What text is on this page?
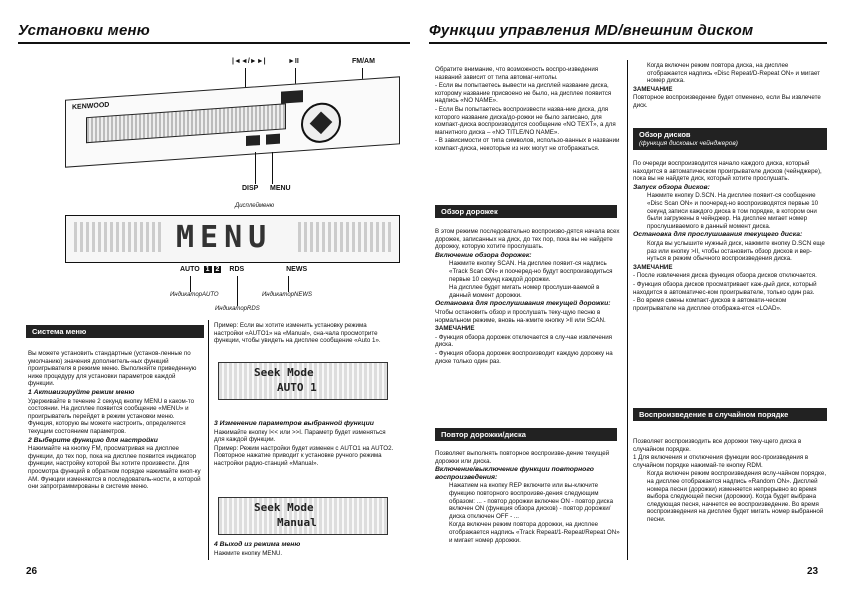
Установки меню
|◄◄/►►|	►II	FM/AM
KENWOOD
DISP MENU
Дисплейменю
MENU
AUTO 1 2 RDS	NEWS
ИндикаторAUTO	ИндикаторNEWS
ИндикаторRDS
Система меню

Вы можете установить стандартные (установ-ленные по умолчанию) значения дополнитель-ных функций проигрывателя в режиме меню. Выполняйте приведенную ниже процедуру для установки параметров каждой функции.

1 Активизируйте режим меню

Удерживайте в течение 2 секунд кнопку MENU в каком-то состоянии. На дисплее появится сообщение «MENU» и проигрыватель перейдет в режим установки меню. Функция, которую вы можете настроить, определяется текущим состоянием параметров.

2 Выберите функцию для настройки

Нажимайте на кнопку FM, просматривая на дисплее функции, до тех пор, пока на дисплее появится индикатор функции, настройку которой Вы хотите произвести. Для просмотра функций в обратном порядке нажимайте кноп-ку AM. Функции изменяются в последователь-ности, в которой они запрограммированы в системе меню.

Пример: Если вы хотите изменить установку режима настройки «AUTO1» на «Manual», сна-чала просмотрите функции, чтобы увидеть на дисплее сообщение «Auto 1».

Seek Mode
AUTO 1

3 Изменение параметров выбранной функции

Нажимайте кнопку I<< или >>I. Параметр будет изменяться для каждой функции.

Пример: Режим настройки будет изменен с AUTO1 на AUTO2. Повторное нажатие приводит к установке ручного режима настройки радио-станций «Manual».

Seek Mode
Manual

4 Выход из режима меню

Нажмите кнопку MENU.

26
Функции управления MD/внешним диском

Обратите внимание, что возможность воспро-изведения названий зависит от типа автомаг-нитолы.

- Если вы попытаетесь вывести на дисплей название диска, которому название присвоено не было, на дисплее появится надпись «NO NAME».

- Если Вы попытаетесь воспроизвести назва-ние диска, для которого название диска/до-рожки не было записано, для компакт-диска воспроизводится сообщение «NO TEXT», а для магнитного диска – «NO TITLE/NO NAME».

- В зависимости от типа символов, использо-ванных в названии компакт-диска, некоторые из них могут не отображаться.

Обзор дорожек

В этом режиме последовательно воспроизво-дятся начала всех дорожек, записанных на диск, до тех пор, пока вы не найдете дорожку, которую хотите прослушать.

Включение обзора дорожек:

Нажмите кнопку SCAN. На дисплее появит-ся надпись «Track Scan ON» и поочеред-но будут воспроизводиться первые 10 секунд каждой дорожки.

На дисплее будет мигать номер прослуши-ваемой в данный момент дорожки.

Остановка для прослушивания текущей дорожки:

Чтобы остановить обзор и прослушать теку-щую песню в нормальном режиме, вновь на-жмите кнопку >II или SCAN.

ЗАМЕЧАНИЕ

- Функция обзора дорожек отключается в слу-чае извлечения диска.

- Функция обзора дорожек воспроизводит каждую дорожку на диске только один раз.

Повтор дорожки/диска

Позволяет выполнять повторное воспроизве-дение текущей дорожки или диска.

Включение/выключение функции повторного воспроизведения:

Нажатием на кнопку REP включите или вы-ключите функцию повторного воспроизве-дения следующим образом: ... - повтор дорожки включен ON - повтор диска включен ON (функция обзора дисков) - повтор дорожки/диска отключен OFF - ...

Когда включен режим повтора дорожки, на дисплее отображается надпись «Track Repeat/1-Repeat/Repeat ON» и мигает номер дорожки.

Когда включен режим повтора диска, на дисплее отображается надпись «Disc Repeat/D-Repeat ON» и мигает номер диска.

ЗАМЕЧАНИЕ

Повторное воспроизведение будет отменено, если Вы извлечете диск.

Обзор дисков
(функция дисковых чейнджеров)

По очереди воспроизводится начало каждого диска, который находится в автоматическом проигрывателе дисков (чейнджере), пока вы не найдете диск, который хотите прослушать.

Запуск обзора дисков:

Нажмите кнопку D.SCN. На дисплее появит-ся сообщение «Disc Scan ON» и поочеред-но воспроизводятся первые 10 секунд записи каждого диска в том порядке, в котором они были загружены в чейнджер. На дисплее мигает номер прослушиваемого в данный момент диска.

Остановка для прослушивания текущего диска:

Когда вы услышите нужный диск, нажмите кнопку D.SCN еще раз или кнопку >II, чтобы остановить обзор дисков и вер-нуться в режим обычного воспроизведения диска.

ЗАМЕЧАНИЕ

- После извлечения диска функция обзора дисков отключается.

- Функция обзора дисков просматривает каж-дый диск, который находится в автоматичес-ком проигрывателе, только один раз.

- Во время смены компакт-дисков в автомати-ческом проигрывателе на дисплее отобража-ется «LOAD».

Воспроизведение в случайном порядке

Позволяет воспроизводить все дорожки теку-щего диска в случайном порядке.

1 Для включения и отключения функции вос-произведения в случайном порядке нажимай-те кнопку RDM.

Когда включен режим воспроизведения вслу-чайном порядке, на дисплее отображается надпись «Random ON». Дисплей номера песни (дорожки) изменяется непрерывно во время выбора следующей песни (дорожки). Когда будет выбрана следующая песня, начнется ее воспроизведение. Во время воспроизведения на дисплее будет мигать номер выбранной песни.

23
